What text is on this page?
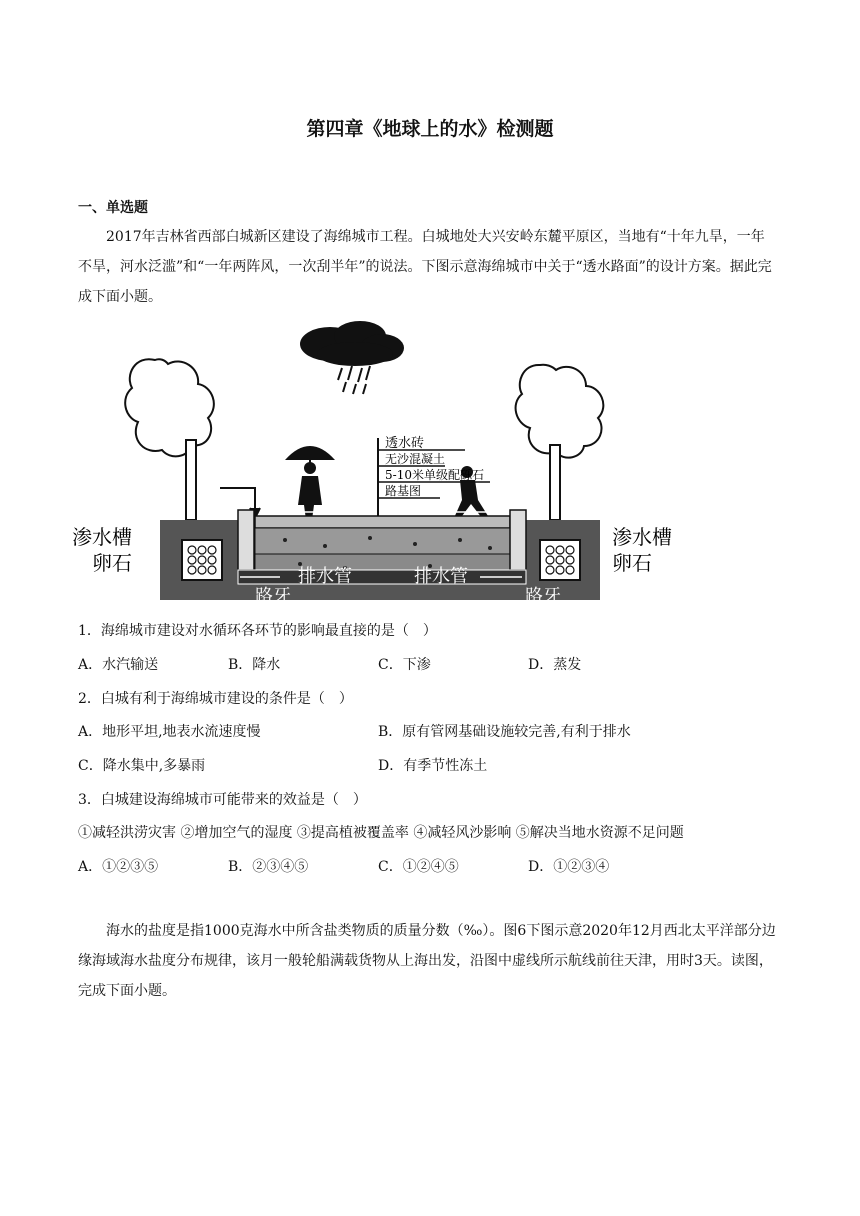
第四章《地球上的水》检测题
一、单选题
2017年吉林省西部白城新区建设了海绵城市工程。白城地处大兴安岭东麓平原区，当地有“十年九旱，一年不旱，河水泛滥”和“一年两阵风，一次刮半年”的说法。下图示意海绵城市中关于“透水路面”的设计方案。据此完成下面小题。
透水砖
无沙混凝土
5-10米单级配砾石
路基图
渗水槽
卵石
渗水槽
卵石
排水管	排水管
路牙	路牙
1．海绵城市建设对水循环各环节的影响最直接的是（　）
A．水汽输送	B．降水	C．下渗	D．蒸发
2．白城有利于海绵城市建设的条件是（　）
A．地形平坦,地表水流速度慢	B．原有管网基础设施较完善,有利于排水
C．降水集中,多暴雨	D．有季节性冻土
3．白城建设海绵城市可能带来的效益是（　）
①减轻洪涝灾害 ②增加空气的湿度 ③提高植被覆盖率 ④减轻风沙影响 ⑤解决当地水资源不足问题
A．①②③⑤	B．②③④⑤	C．①②④⑤	D．①②③④
海水的盐度是指1000克海水中所含盐类物质的质量分数（‰）。图6下图示意2020年12月西北太平洋部分边缘海域海水盐度分布规律，该月一般轮船满载货物从上海出发，沿图中虚线所示航线前往天津，用时3天。读图，完成下面小题。
